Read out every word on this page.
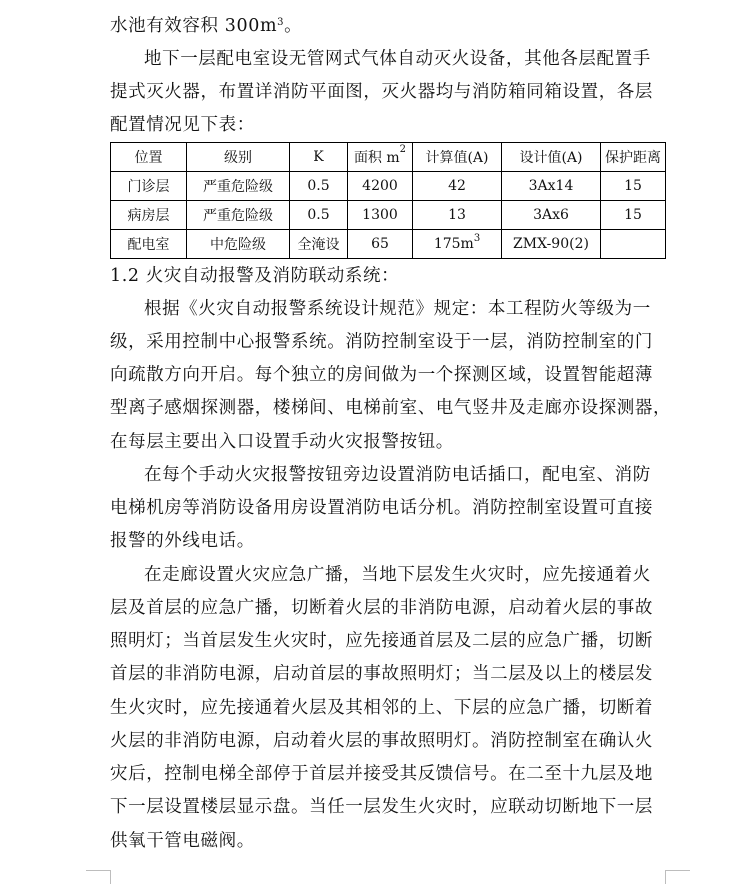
水池有效容积 $300m^3$。
地下一层配电室设无管网式气体自动灭火设备，其他各层配置手
提式灭火器，布置详消防平面图，灭火器均与消防箱同箱设置，各层
配置情况见下表：
位置	级别	K	面积 $m^2$	计算值(A)	设计值(A)	保护距离
门诊层	严重危险级	0.5	4200	42	3Ax14	15
病房层	严重危险级	0.5	1300	13	3Ax6	15
配电室	中危险级	全淹设	65	$175m^3$	ZMX-90(2)	
1.2 火灾自动报警及消防联动系统：
根据《火灾自动报警系统设计规范》规定：本工程防火等级为一
级，采用控制中心报警系统。消防控制室设于一层，消防控制室的门
向疏散方向开启。每个独立的房间做为一个探测区域，设置智能超薄
型离子感烟探测器，楼梯间、电梯前室、电气竖井及走廊亦设探测器，
在每层主要出入口设置手动火灾报警按钮。
在每个手动火灾报警按钮旁边设置消防电话插口，配电室、消防
电梯机房等消防设备用房设置消防电话分机。消防控制室设置可直接
报警的外线电话。
在走廊设置火灾应急广播，当地下层发生火灾时，应先接通着火
层及首层的应急广播，切断着火层的非消防电源，启动着火层的事故
照明灯；当首层发生火灾时，应先接通首层及二层的应急广播，切断
首层的非消防电源，启动首层的事故照明灯；当二层及以上的楼层发
生火灾时，应先接通着火层及其相邻的上、下层的应急广播，切断着
火层的非消防电源，启动着火层的事故照明灯。消防控制室在确认火
灾后，控制电梯全部停于首层并接受其反馈信号。在二至十九层及地
下一层设置楼层显示盘。当任一层发生火灾时，应联动切断地下一层
供氧干管电磁阀。
